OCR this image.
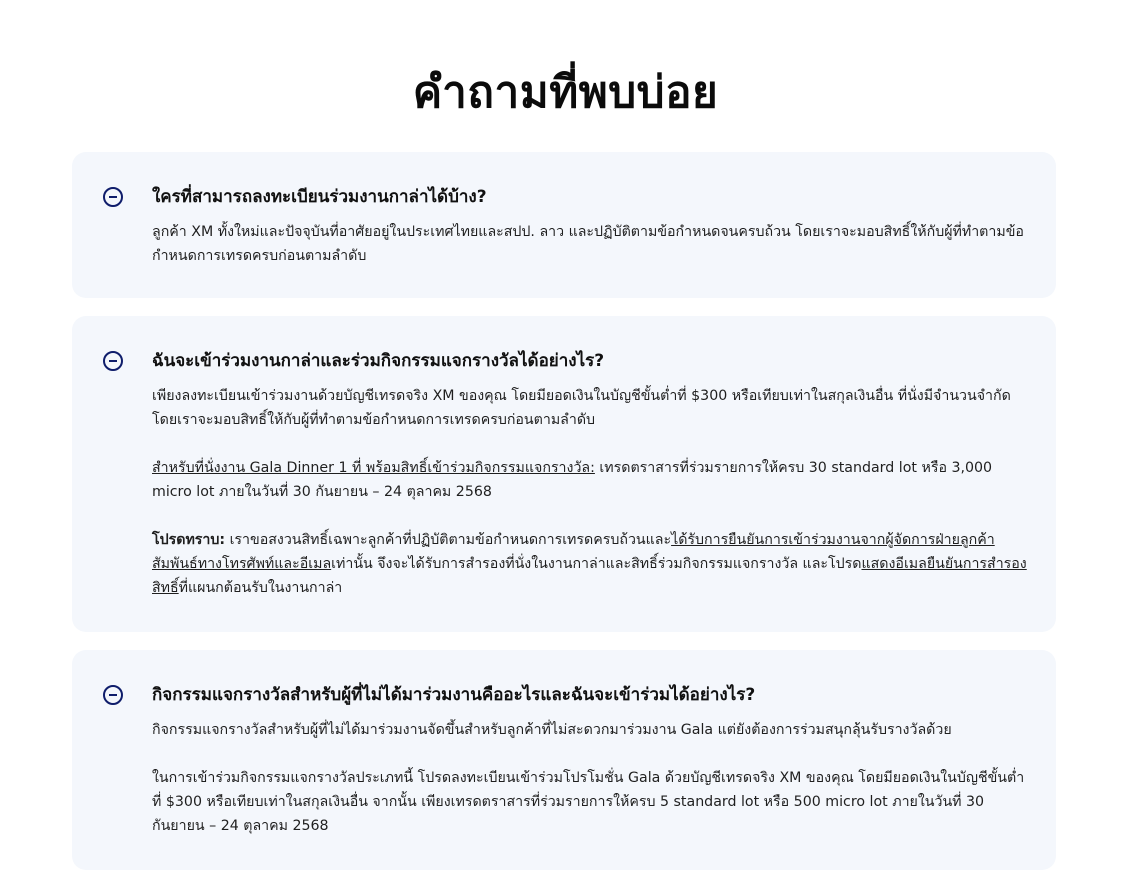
คำถามที่พบบ่อย
ใครที่สามารถลงทะเบียนร่วมงานกาล่าได้บ้าง?

ลูกค้า XM ทั้งใหม่และปัจจุบันที่อาศัยอยู่ในประเทศไทยและสปป. ลาว และปฏิบัติตามข้อกำหนดจนครบถ้วน โดยเราจะมอบสิทธิ์ให้กับผู้ที่ทำตามข้อกำหนดการเทรดครบก่อนตามลำดับ

ฉันจะเข้าร่วมงานกาล่าและร่วมกิจกรรมแจกรางวัลได้อย่างไร?

เพียงลงทะเบียนเข้าร่วมงานด้วยบัญชีเทรดจริง XM ของคุณ โดยมียอดเงินในบัญชีขั้นต่ำที่ $300 หรือเทียบเท่าในสกุลเงินอื่น ที่นั่งมีจำนวนจำกัด โดยเราจะมอบสิทธิ์ให้กับผู้ที่ทำตามข้อกำหนดการเทรดครบก่อนตามลำดับ

สำหรับที่นั่งงาน Gala Dinner 1 ที่ พร้อมสิทธิ์เข้าร่วมกิจกรรมแจกรางวัล: เทรดตราสารที่ร่วมรายการให้ครบ 30 standard lot หรือ 3,000 micro lot ภายในวันที่ 30 กันยายน – 24 ตุลาคม 2568

โปรดทราบ: เราขอสงวนสิทธิ์เฉพาะลูกค้าที่ปฏิบัติตามข้อกำหนดการเทรดครบถ้วนและได้รับการยืนยันการเข้าร่วมงานจากผู้จัดการฝ่ายลูกค้าสัมพันธ์ทางโทรศัพท์และอีเมลเท่านั้น จึงจะได้รับการสำรองที่นั่งในงานกาล่าและสิทธิ์ร่วมกิจกรรมแจกรางวัล และโปรดแสดงอีเมลยืนยันการสำรองสิทธิ์ที่แผนกต้อนรับในงานกาล่า

กิจกรรมแจกรางวัลสำหรับผู้ที่ไม่ได้มาร่วมงานคืออะไรและฉันจะเข้าร่วมได้อย่างไร?

กิจกรรมแจกรางวัลสำหรับผู้ที่ไม่ได้มาร่วมงานจัดขึ้นสำหรับลูกค้าที่ไม่สะดวกมาร่วมงาน Gala แต่ยังต้องการร่วมสนุกลุ้นรับรางวัลด้วย

ในการเข้าร่วมกิจกรรมแจกรางวัลประเภทนี้ โปรดลงทะเบียนเข้าร่วมโปรโมชั่น Gala ด้วยบัญชีเทรดจริง XM ของคุณ โดยมียอดเงินในบัญชีขั้นต่ำที่ $300 หรือเทียบเท่าในสกุลเงินอื่น จากนั้น เพียงเทรดตราสารที่ร่วมรายการให้ครบ 5 standard lot หรือ 500 micro lot ภายในวันที่ 30 กันยายน – 24 ตุลาคม 2568
